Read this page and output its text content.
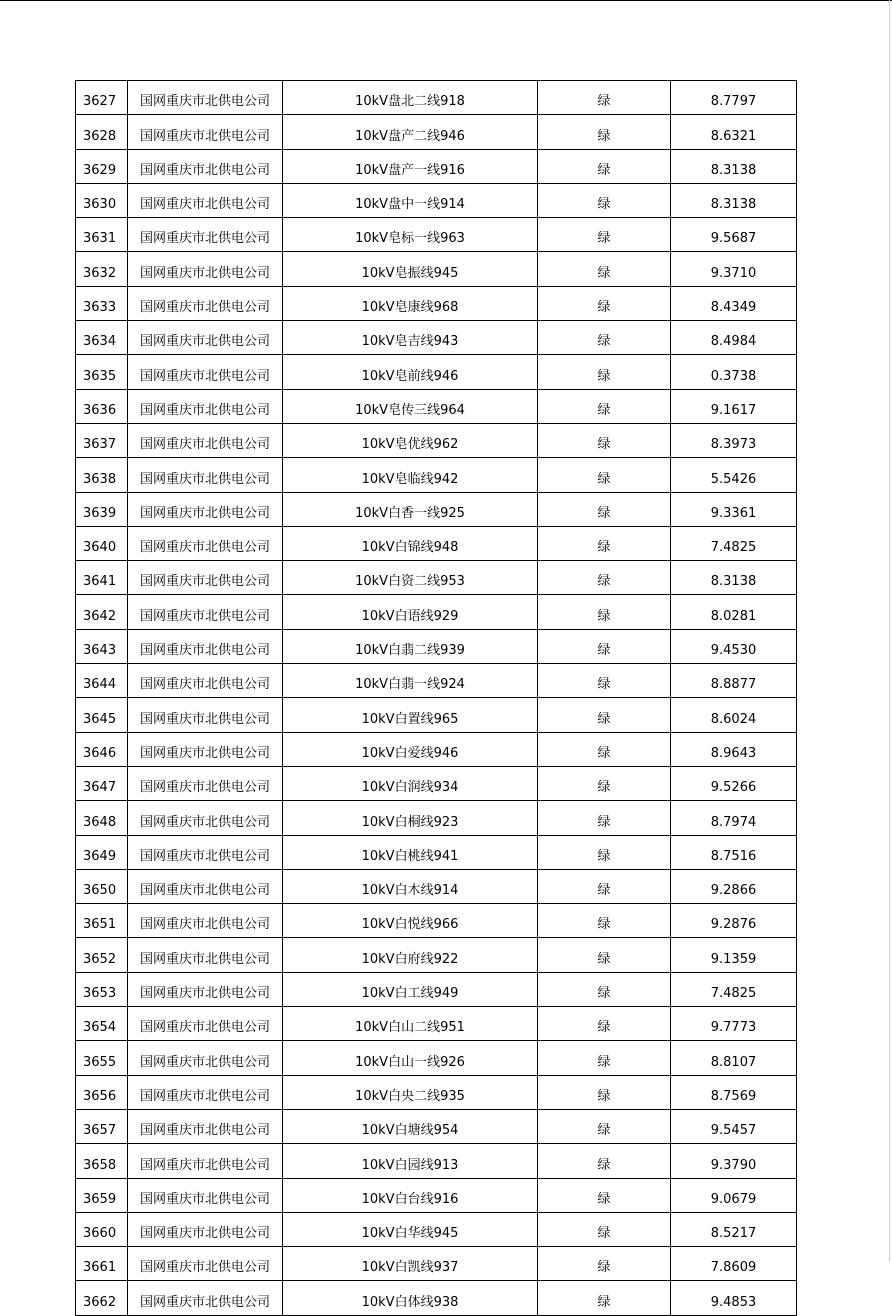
3627	国网重庆市北供电公司	10kV盘北二线918	绿	8.7797
3628	国网重庆市北供电公司	10kV盘产二线946	绿	8.6321
3629	国网重庆市北供电公司	10kV盘产一线916	绿	8.3138
3630	国网重庆市北供电公司	10kV盘中一线914	绿	8.3138
3631	国网重庆市北供电公司	10kV皂标一线963	绿	9.5687
3632	国网重庆市北供电公司	10kV皂振线945	绿	9.3710
3633	国网重庆市北供电公司	10kV皂康线968	绿	8.4349
3634	国网重庆市北供电公司	10kV皂吉线943	绿	8.4984
3635	国网重庆市北供电公司	10kV皂前线946	绿	0.3738
3636	国网重庆市北供电公司	10kV皂传三线964	绿	9.1617
3637	国网重庆市北供电公司	10kV皂优线962	绿	8.3973
3638	国网重庆市北供电公司	10kV皂临线942	绿	5.5426
3639	国网重庆市北供电公司	10kV白香一线925	绿	9.3361
3640	国网重庆市北供电公司	10kV白锦线948	绿	7.4825
3641	国网重庆市北供电公司	10kV白资二线953	绿	8.3138
3642	国网重庆市北供电公司	10kV白语线929	绿	8.0281
3643	国网重庆市北供电公司	10kV白翡二线939	绿	9.4530
3644	国网重庆市北供电公司	10kV白翡一线924	绿	8.8877
3645	国网重庆市北供电公司	10kV白置线965	绿	8.6024
3646	国网重庆市北供电公司	10kV白爱线946	绿	8.9643
3647	国网重庆市北供电公司	10kV白润线934	绿	9.5266
3648	国网重庆市北供电公司	10kV白桐线923	绿	8.7974
3649	国网重庆市北供电公司	10kV白桃线941	绿	8.7516
3650	国网重庆市北供电公司	10kV白木线914	绿	9.2866
3651	国网重庆市北供电公司	10kV白悦线966	绿	9.2876
3652	国网重庆市北供电公司	10kV白府线922	绿	9.1359
3653	国网重庆市北供电公司	10kV白工线949	绿	7.4825
3654	国网重庆市北供电公司	10kV白山二线951	绿	9.7773
3655	国网重庆市北供电公司	10kV白山一线926	绿	8.8107
3656	国网重庆市北供电公司	10kV白央二线935	绿	8.7569
3657	国网重庆市北供电公司	10kV白塘线954	绿	9.5457
3658	国网重庆市北供电公司	10kV白园线913	绿	9.3790
3659	国网重庆市北供电公司	10kV白台线916	绿	9.0679
3660	国网重庆市北供电公司	10kV白华线945	绿	8.5217
3661	国网重庆市北供电公司	10kV白凯线937	绿	7.8609
3662	国网重庆市北供电公司	10kV白体线938	绿	9.4853
